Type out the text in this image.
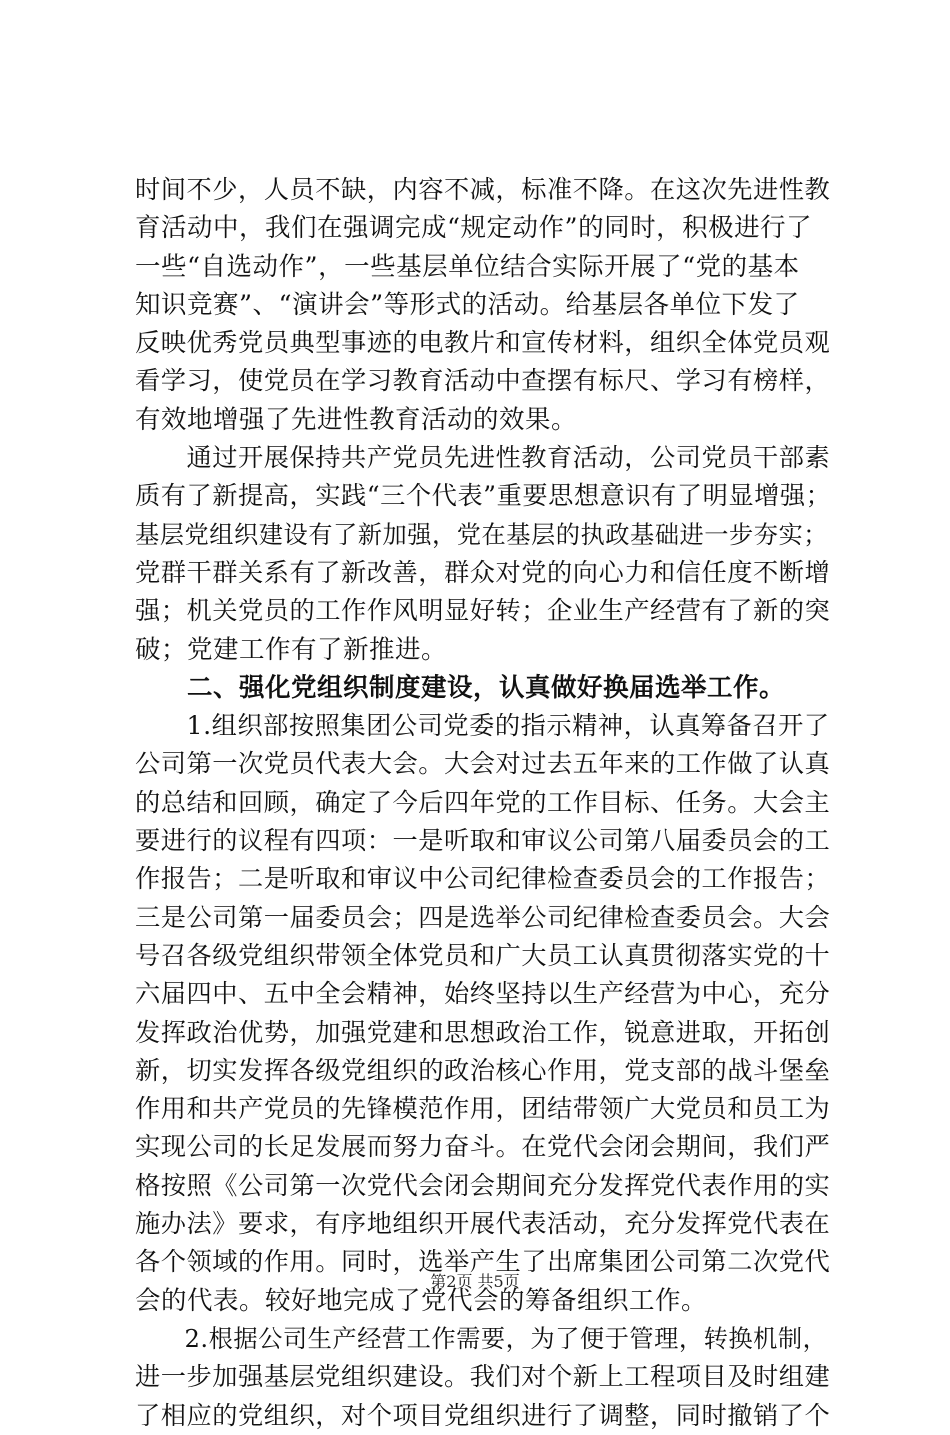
时间不少，人员不缺，内容不减，标准不降。在这次先进性教
育活动中，我们在强调完成“规定动作”的同时，积极进行了
一些“自选动作”，一些基层单位结合实际开展了“党的基本
知识竞赛”、“演讲会”等形式的活动。给基层各单位下发了
反映优秀党员典型事迹的电教片和宣传材料，组织全体党员观
看学习，使党员在学习教育活动中查摆有标尺、学习有榜样，
有效地增强了先进性教育活动的效果。
　　通过开展保持共产党员先进性教育活动，公司党员干部素
质有了新提高，实践“三个代表”重要思想意识有了明显增强；
基层党组织建设有了新加强，党在基层的执政基础进一步夯实；
党群干群关系有了新改善，群众对党的向心力和信任度不断增
强；机关党员的工作作风明显好转；企业生产经营有了新的突
破；党建工作有了新推进。
　　二、强化党组织制度建设，认真做好换届选举工作。
　　1.组织部按照集团公司党委的指示精神，认真筹备召开了
公司第一次党员代表大会。大会对过去五年来的工作做了认真
的总结和回顾，确定了今后四年党的工作目标、任务。大会主
要进行的议程有四项：一是听取和审议公司第八届委员会的工
作报告；二是听取和审议中公司纪律检查委员会的工作报告；
三是公司第一届委员会；四是选举公司纪律检查委员会。大会
号召各级党组织带领全体党员和广大员工认真贯彻落实党的十
六届四中、五中全会精神，始终坚持以生产经营为中心，充分
发挥政治优势，加强党建和思想政治工作，锐意进取，开拓创
新，切实发挥各级党组织的政治核心作用，党支部的战斗堡垒
作用和共产党员的先锋模范作用，团结带领广大党员和员工为
实现公司的长足发展而努力奋斗。在党代会闭会期间，我们严
格按照《公司第一次党代会闭会期间充分发挥党代表作用的实
施办法》要求，有序地组织开展代表活动，充分发挥党代表在
各个领域的作用。同时，选举产生了出席集团公司第二次党代
会的代表。较好地完成了党代会的筹备组织工作。
　　2.根据公司生产经营工作需要，为了便于管理，转换机制，
进一步加强基层党组织建设。我们对个新上工程项目及时组建
了相应的党组织，对个项目党组织进行了调整，同时撤销了个
第2页 共5页
